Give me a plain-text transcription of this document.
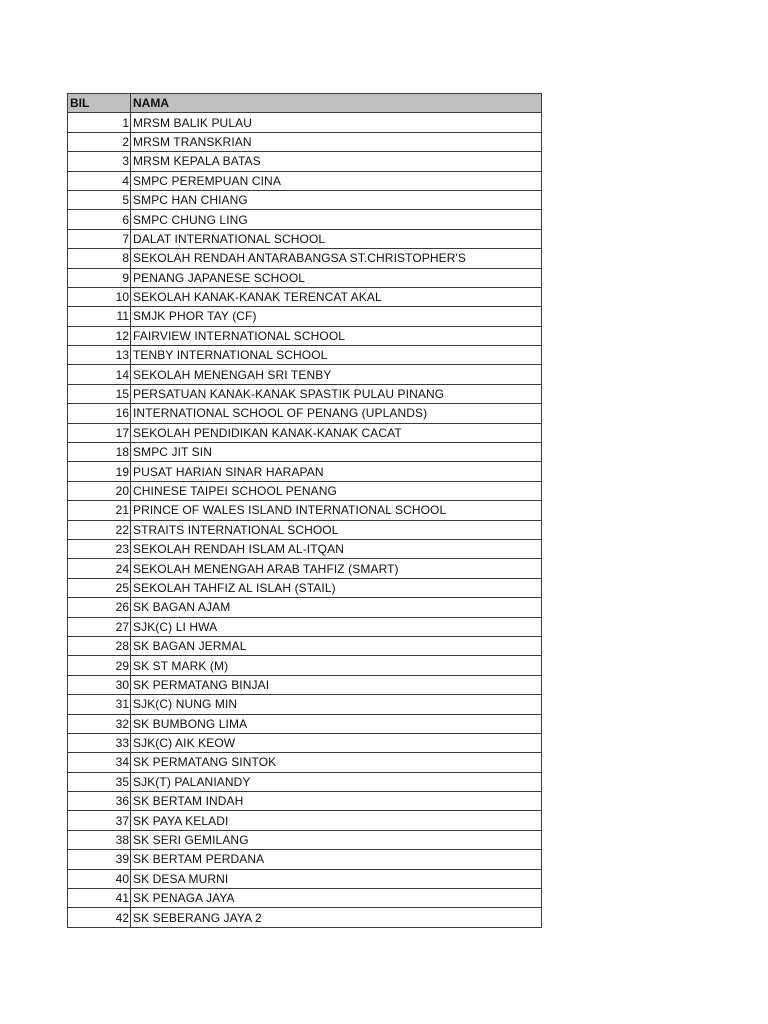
BIL	NAMA
1	MRSM BALIK PULAU
2	MRSM TRANSKRIAN
3	MRSM KEPALA BATAS
4	SMPC PEREMPUAN CINA
5	SMPC HAN CHIANG
6	SMPC CHUNG LING
7	DALAT INTERNATIONAL SCHOOL
8	SEKOLAH RENDAH ANTARABANGSA ST.CHRISTOPHER'S
9	PENANG JAPANESE SCHOOL
10	SEKOLAH KANAK-KANAK TERENCAT AKAL
11	SMJK PHOR TAY (CF)
12	FAIRVIEW INTERNATIONAL SCHOOL
13	TENBY INTERNATIONAL SCHOOL
14	SEKOLAH MENENGAH SRI TENBY
15	PERSATUAN KANAK-KANAK SPASTIK PULAU PINANG
16	INTERNATIONAL SCHOOL OF PENANG (UPLANDS)
17	SEKOLAH PENDIDIKAN KANAK-KANAK CACAT
18	SMPC JIT SIN
19	PUSAT HARIAN SINAR HARAPAN
20	CHINESE TAIPEI SCHOOL PENANG
21	PRINCE OF WALES ISLAND INTERNATIONAL SCHOOL
22	STRAITS INTERNATIONAL SCHOOL
23	SEKOLAH RENDAH ISLAM AL-ITQAN
24	SEKOLAH MENENGAH ARAB TAHFIZ (SMART)
25	SEKOLAH TAHFIZ AL ISLAH (STAIL)
26	SK BAGAN AJAM
27	SJK(C) LI HWA
28	SK BAGAN JERMAL
29	SK ST MARK (M)
30	SK PERMATANG BINJAI
31	SJK(C) NUNG MIN
32	SK BUMBONG LIMA
33	SJK(C) AIK KEOW
34	SK PERMATANG SINTOK
35	SJK(T) PALANIANDY
36	SK BERTAM INDAH
37	SK PAYA KELADI
38	SK SERI GEMILANG
39	SK BERTAM PERDANA
40	SK DESA MURNI
41	SK PENAGA JAYA
42	SK SEBERANG JAYA 2
